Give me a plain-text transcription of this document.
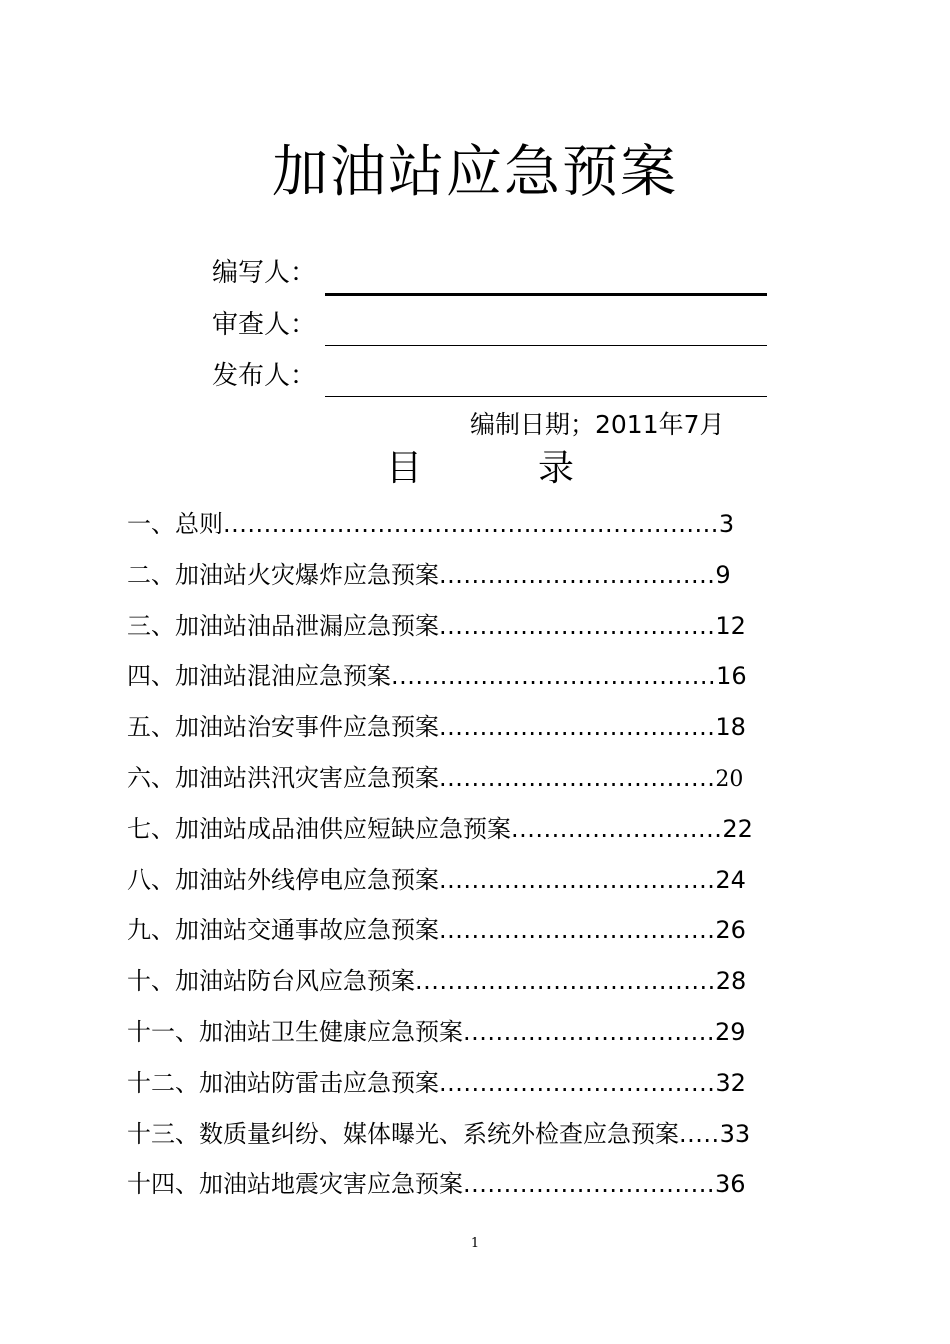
加油站应急预案
编写人：
审查人：
发布人：
编制日期；2011年7月
目	录
一、总则.............................................................3
二、加油站火灾爆炸应急预案..................................9
三、加油站油品泄漏应急预案..................................12
四、加油站混油应急预案........................................16
五、加油站治安事件应急预案..................................18
六、加油站洪汛灾害应急预案..................................20
七、加油站成品油供应短缺应急预案..........................22
八、加油站外线停电应急预案..................................24
九、加油站交通事故应急预案..................................26
十、加油站防台风应急预案.....................................28
十一、加油站卫生健康应急预案...............................29
十二、加油站防雷击应急预案..................................32
十三、数质量纠纷、媒体曝光、系统外检查应急预案.....33
十四、加油站地震灾害应急预案...............................36
1
